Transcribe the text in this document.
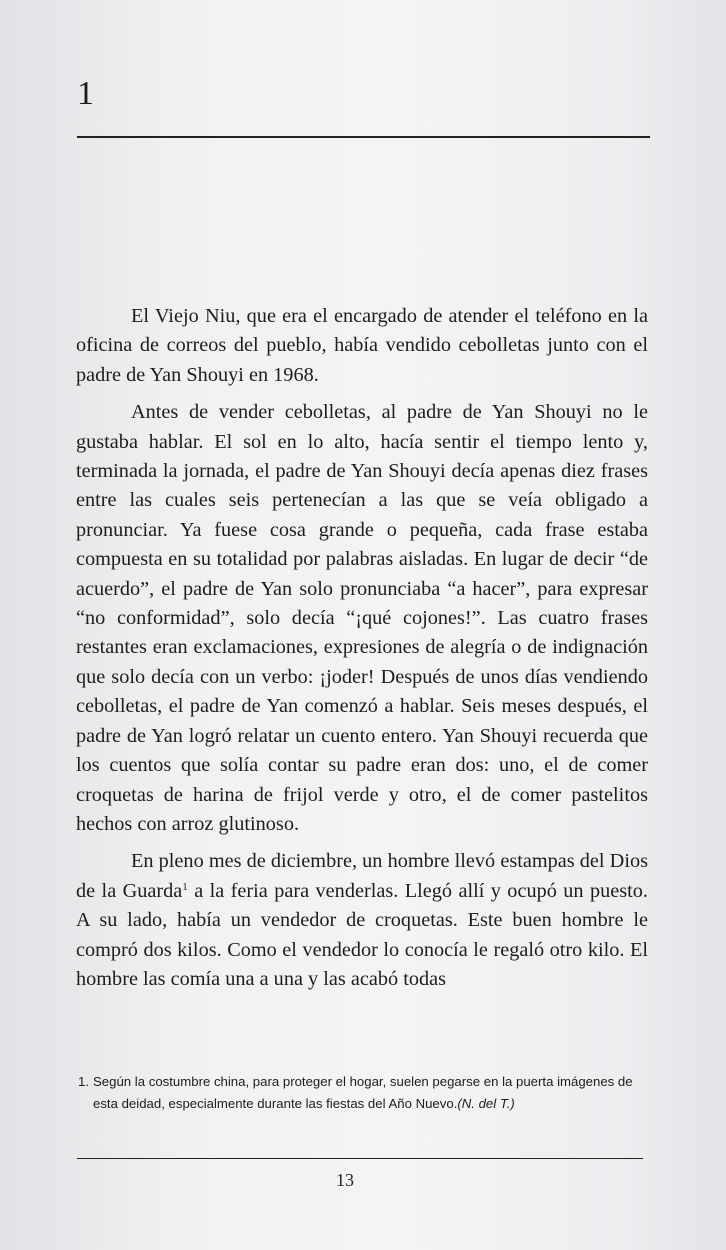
1

El Viejo Niu, que era el encargado de atender el teléfono en la oficina de correos del pueblo, había vendido cebolletas junto con el padre de Yan Shouyi en 1968.

Antes de vender cebolletas, al padre de Yan Shouyi no le gustaba hablar. El sol en lo alto, hacía sentir el tiempo lento y, terminada la jornada, el padre de Yan Shouyi decía apenas diez frases entre las cuales seis pertenecían a las que se veía obligado a pronunciar. Ya fuese cosa grande o pequeña, cada frase estaba compuesta en su totalidad por palabras aisladas. En lugar de decir “de acuerdo”, el padre de Yan solo pronunciaba “a hacer”, para expresar “no conformidad”, solo decía “¡qué cojones!”. Las cuatro frases restantes eran exclamaciones, expresiones de alegría o de indignación que solo decía con un verbo: ¡joder! Después de unos días vendiendo cebolletas, el padre de Yan comenzó a hablar. Seis meses después, el padre de Yan logró relatar un cuento entero. Yan Shouyi recuerda que los cuentos que solía contar su padre eran dos: uno, el de comer croquetas de harina de frijol verde y otro, el de comer pastelitos hechos con arroz glutinoso.

En pleno mes de diciembre, un hombre llevó estampas del Dios de la Guarda$^1$ a la feria para venderlas. Llegó allí y ocupó un puesto. A su lado, había un vendedor de croquetas. Este buen hombre le compró dos kilos. Como el vendedor lo conocía le regaló otro kilo. El hombre las comía una a una y las acabó todas

1. Según la costumbre china, para proteger el hogar, suelen pegarse en la puerta imágenes de esta deidad, especialmente durante las fiestas del Año Nuevo.(N. del T.)
13
